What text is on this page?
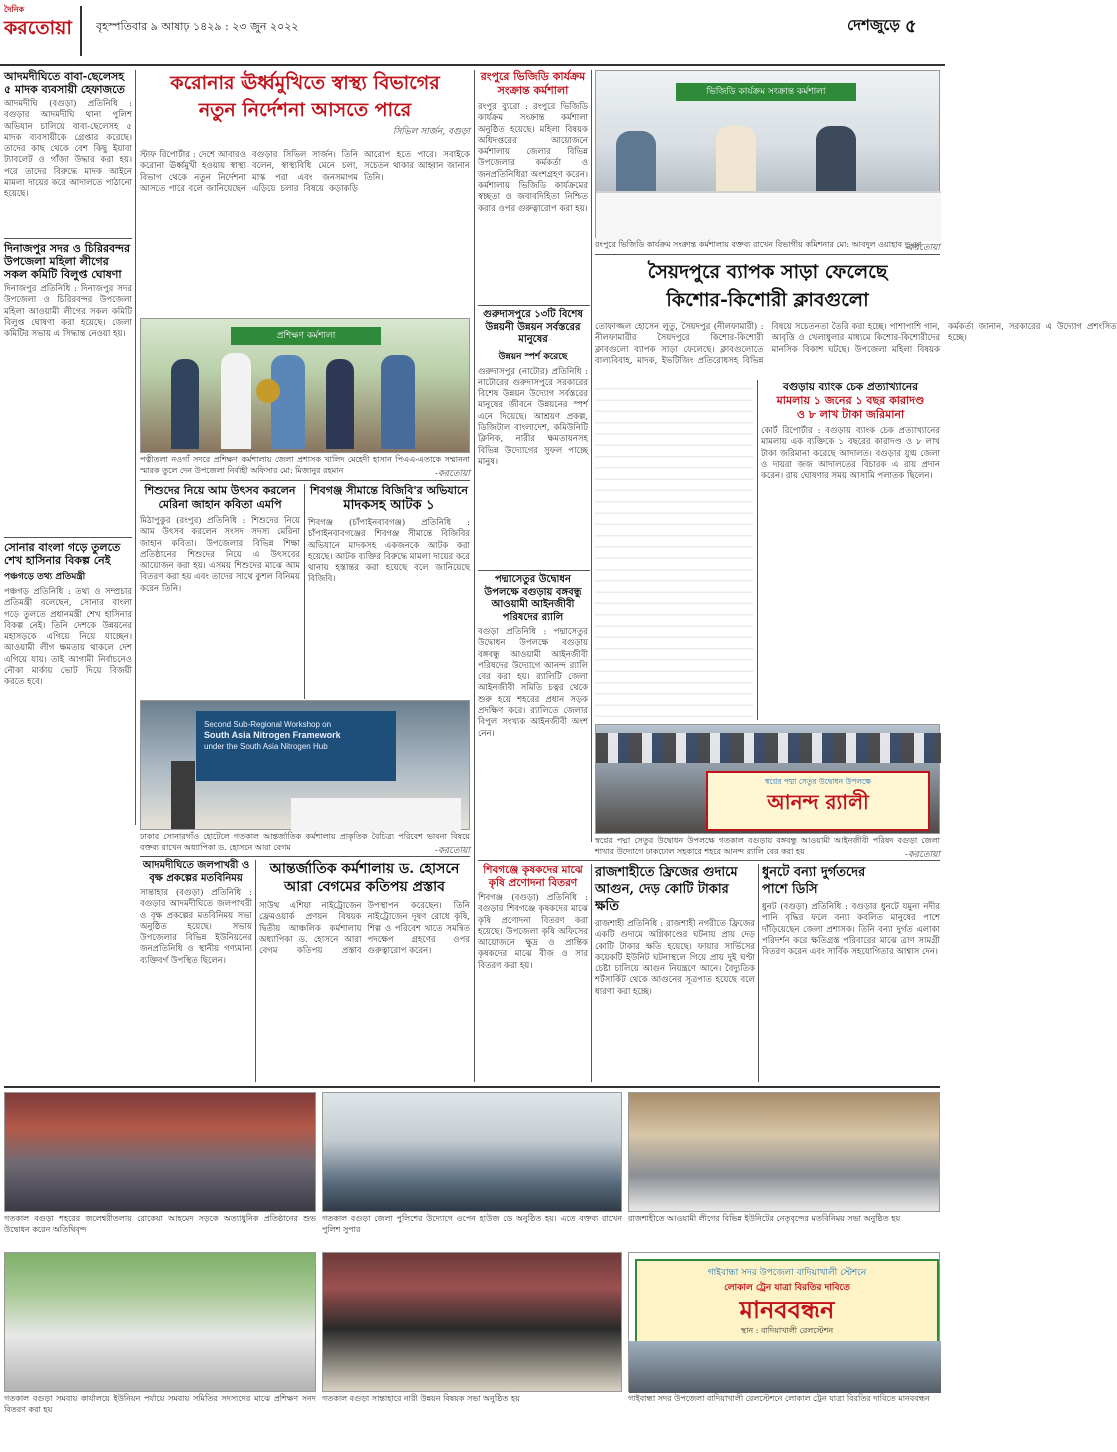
দৈনিক
করতোয়া	বৃহস্পতিবার ৯ আষাঢ় ১৪২৯ : ২৩ জুন ২০২২	দেশজুড়ে ৫
আদমদীঘিতে বাবা-ছেলেসহ ৫ মাদক ব্যবসায়ী হেফাজতে
আদমদীঘি (বগুড়া) প্রতিনিধি : বগুড়ার আদমদীঘি থানা পুলিশ অভিযান চালিয়ে বাবা-ছেলেসহ ৫ মাদক ব্যবসায়ীকে গ্রেপ্তার করেছে। তাদের কাছ থেকে বেশ কিছু ইয়াবা ট্যাবলেট ও গাঁজা উদ্ধার করা হয়। পরে তাদের বিরুদ্ধে মাদক আইনে মামলা দায়ের করে আদালতে পাঠানো হয়েছে।
দিনাজপুর সদর ও চিরিরবন্দর উপজেলা মহিলা লীগের সকল কমিটি বিলুপ্ত ঘোষণা
দিনাজপুর প্রতিনিধি : দিনাজপুর সদর উপজেলা ও চিরিরবন্দর উপজেলা মহিলা আওয়ামী লীগের সকল কমিটি বিলুপ্ত ঘোষণা করা হয়েছে। জেলা কমিটির সভায় এ সিদ্ধান্ত নেওয়া হয়।
সোনার বাংলা গড়ে তুলতে শেখ হাসিনার বিকল্প নেই
পঞ্চগড়ে তথ্য প্রতিমন্ত্রী
পঞ্চগড় প্রতিনিধি : তথ্য ও সম্প্রচার প্রতিমন্ত্রী বলেছেন, সোনার বাংলা গড়ে তুলতে প্রধানমন্ত্রী শেখ হাসিনার বিকল্প নেই। তিনি দেশকে উন্নয়নের মহাসড়কে এগিয়ে নিয়ে যাচ্ছেন। আওয়ামী লীগ ক্ষমতায় থাকলে দেশ এগিয়ে যায়। তাই আগামী নির্বাচনেও নৌকা মার্কায় ভোট দিয়ে বিজয়ী করতে হবে।
করোনার ঊর্ধ্বমুখিতে স্বাস্থ্য বিভাগের
নতুন নির্দেশনা আসতে পারে
সিভিল সার্জন, বগুড়া
স্টাফ রিপোর্টার : দেশে আবারও করোনা ঊর্ধ্বমুখী হওয়ায় স্বাস্থ্য বিভাগ থেকে নতুন নির্দেশনা আসতে পারে বলে জানিয়েছেন বগুড়ার সিভিল সার্জন। তিনি বলেন, স্বাস্থ্যবিধি মেনে চলা, মাস্ক পরা এবং জনসমাগম এড়িয়ে চলার বিষয়ে কড়াকড়ি আরোপ হতে পারে। সবাইকে সচেতন থাকার আহ্বান জানান তিনি।
প্রশিক্ষণ কর্মশালা
পত্নীতলা নওগাঁ সদরে প্রশিক্ষণ কর্মশালায় জেলা প্রশাসক খালিদ মেহেদী হাসান পিএএ-এতাকে সম্মাননা স্মারক তুলে দেন উপজেলা নির্বাহী অফিসার মো: মিজানুর রহমান	-করতোয়া
শিশুদের নিয়ে আম উৎসব করলেন মেরিনা জাহান কবিতা এমপি
মিঠাপুকুর (রংপুর) প্রতিনিধি : শিশুদের নিয়ে আম উৎসব করলেন সংসদ সদস্য মেরিনা জাহান কবিতা। উপজেলার বিভিন্ন শিক্ষা প্রতিষ্ঠানের শিশুদের নিয়ে এ উৎসবের আয়োজন করা হয়। এসময় শিশুদের মাঝে আম বিতরণ করা হয় এবং তাদের সাথে কুশল বিনিময় করেন তিনি।
শিবগঞ্জ সীমান্তে বিজিবি'র অভিযানে
মাদকসহ আটক ১
শিবগঞ্জ (চাঁপাইনবাবগঞ্জ) প্রতিনিধি : চাঁপাইনবাবগঞ্জের শিবগঞ্জ সীমান্তে বিজিবির অভিযানে মাদকসহ একজনকে আটক করা হয়েছে। আটক ব্যক্তির বিরুদ্ধে মামলা দায়ের করে থানায় হস্তান্তর করা হয়েছে বলে জানিয়েছে বিজিবি।
Second Sub-Regional Workshop on
South Asia Nitrogen Framework
under the South Asia Nitrogen Hub
ঢাকার সোনারগাঁও হোটেলে গতকাল আন্তর্জাতিক কর্মশালায় প্রাকৃতিক বৈচিত্র্য পরিবেশ ভাবনা বিষয়ে বক্তব্য রাখেন অধ্যাপিকা ড. হোসনে আরা বেগম	-করতোয়া
আদমদীঘিতে জলপাখরী ও বৃক্ষ প্রকল্পের মতবিনিময়
সান্তাহার (বগুড়া) প্রতিনিধি : বগুড়ার আদমদীঘিতে জলপাখরী ও বৃক্ষ প্রকল্পের মতবিনিময় সভা অনুষ্ঠিত হয়েছে। সভায় উপজেলার বিভিন্ন ইউনিয়নের জনপ্রতিনিধি ও স্থানীয় গণ্যমান্য ব্যক্তিবর্গ উপস্থিত ছিলেন।
আন্তর্জাতিক কর্মশালায় ড. হোসনে
আরা বেগমের কতিপয় প্রস্তাব
সাউথ এশিয়া নাইট্রোজেন ফ্রেমওয়ার্ক প্রণয়ন বিষয়ক দ্বিতীয় আঞ্চলিক কর্মশালায় অধ্যাপিকা ড. হোসনে আরা বেগম কতিপয় প্রস্তাব উপস্থাপন করেছেন। তিনি নাইট্রোজেন দূষণ রোধে কৃষি, শিল্প ও পরিবেশ খাতে সমন্বিত পদক্ষেপ গ্রহণের ওপর গুরুত্বারোপ করেন।
রংপুরে ভিজিডি কার্যক্রম সংক্রান্ত কর্মশালা
রংপুর ব্যুরো : রংপুরে ভিজিডি কার্যক্রম সংক্রান্ত কর্মশালা অনুষ্ঠিত হয়েছে। মহিলা বিষয়ক অধিদপ্তরের আয়োজনে কর্মশালায় জেলার বিভিন্ন উপজেলার কর্মকর্তা ও জনপ্রতিনিধিরা অংশগ্রহণ করেন। কর্মশালায় ভিজিডি কার্যক্রমের স্বচ্ছতা ও জবাবদিহিতা নিশ্চিত করার ওপর গুরুত্বারোপ করা হয়।
গুরুদাসপুরে ১৩টি বিশেষ উন্নয়নী উন্নয়ন সর্বস্তরের মানুষের
উন্নয়ন স্পর্শ করেছে
গুরুদাসপুর (নাটোর) প্রতিনিধি : নাটোরের গুরুদাসপুরে সরকারের বিশেষ উন্নয়ন উদ্যোগ সর্বস্তরের মানুষের জীবনে উন্নয়নের স্পর্শ এনে দিয়েছে। আশ্রয়ণ প্রকল্প, ডিজিটাল বাংলাদেশ, কমিউনিটি ক্লিনিক, নারীর ক্ষমতায়নসহ বিভিন্ন উদ্যোগের সুফল পাচ্ছে মানুষ।
পদ্মাসেতুর উদ্বোধন উপলক্ষে বগুড়ায় বঙ্গবন্ধু আওয়ামী আইনজীবী পরিষদের র‍্যালি
বগুড়া প্রতিনিধি : পদ্মাসেতুর উদ্বোধন উপলক্ষে বগুড়ায় বঙ্গবন্ধু আওয়ামী আইনজীবী পরিষদের উদ্যোগে আনন্দ র‍্যালি বের করা হয়। র‍্যালিটি জেলা আইনজীবী সমিতি চত্বর থেকে শুরু হয়ে শহরের প্রধান সড়ক প্রদক্ষিণ করে। র‍্যালিতে জেলার বিপুল সংখ্যক আইনজীবী অংশ নেন।
ভিজিডি কার্যক্রম সংক্রান্ত কর্মশালা
রংপুরে ভিজিডি কার্যক্রম সংক্রান্ত কর্মশালায় বক্তব্য রাখেন বিভাগীয় কমিশনার মো: আবদুল ওয়াহাব ভূঞা
-করতোয়া
সৈয়দপুরে ব্যাপক সাড়া ফেলেছে
কিশোর-কিশোরী ক্লাবগুলো
তোফাজ্জল হোসেন লুতু, সৈয়দপুর (নীলফামারী) : নীলফামারীর সৈয়দপুরে কিশোর-কিশোরী ক্লাবগুলো ব্যাপক সাড়া ফেলেছে। ক্লাবগুলোতে বাল্যবিবাহ, মাদক, ইভটিজিং প্রতিরোধসহ বিভিন্ন বিষয়ে সচেতনতা তৈরি করা হচ্ছে। পাশাপাশি গান, আবৃত্তি ও খেলাধুলার মাধ্যমে কিশোর-কিশোরীদের মানসিক বিকাশ ঘটছে। উপজেলা মহিলা বিষয়ক কর্মকর্তা জানান, সরকারের এ উদ্যোগ প্রশংসিত হচ্ছে।
বগুড়ায় ব্যাংক চেক প্রত্যাখ্যানের
মামলায় ১ জনের ১ বছর কারাদণ্ড
ও ৮ লাখ টাকা জরিমানা
কোর্ট রিপোর্টার : বগুড়ায় ব্যাংক চেক প্রত্যাখ্যানের মামলায় এক ব্যক্তিকে ১ বছরের কারাদণ্ড ও ৮ লাখ টাকা জরিমানা করেছে আদালত। বগুড়ার যুগ্ম জেলা ও দায়রা জজ আদালতের বিচারক এ রায় প্রদান করেন। রায় ঘোষণার সময় আসামি পলাতক ছিলেন।
স্বপ্নের পদ্মা সেতুর উদ্বোধন উপলক্ষে
আনন্দ র‍্যালী
স্বপ্নের পদ্মা সেতুর উদ্বোধন উপলক্ষে গতকাল বগুড়ায় বঙ্গবন্ধু আওয়ামী আইনজীবী পরিষদ বগুড়া জেলা শাখার উদ্যোগে ঢাকঢোল সহকারে শহরে আনন্দ র‍্যালি বের করা হয়	-করতোয়া
শিবগঞ্জে কৃষকদের মাঝে কৃষি প্রণোদনা বিতরণ
শিবগঞ্জ (বগুড়া) প্রতিনিধি : বগুড়ার শিবগঞ্জে কৃষকদের মাঝে কৃষি প্রণোদনা বিতরণ করা হয়েছে। উপজেলা কৃষি অফিসের আয়োজনে ক্ষুদ্র ও প্রান্তিক কৃষকদের মাঝে বীজ ও সার বিতরণ করা হয়।
রাজশাহীতে ফ্রিজের গুদামে
আগুন, দেড় কোটি টাকার ক্ষতি
রাজশাহী প্রতিনিধি : রাজশাহী নগরীতে ফ্রিজের একটি গুদামে অগ্নিকাণ্ডের ঘটনায় প্রায় দেড় কোটি টাকার ক্ষতি হয়েছে। ফায়ার সার্ভিসের কয়েকটি ইউনিট ঘটনাস্থলে গিয়ে প্রায় দুই ঘণ্টা চেষ্টা চালিয়ে আগুন নিয়ন্ত্রণে আনে। বৈদ্যুতিক শর্টসার্কিট থেকে আগুনের সূত্রপাত হয়েছে বলে ধারণা করা হচ্ছে।
ধুনটে বন্যা দুর্গতদের
পাশে ডিসি
ধুনট (বগুড়া) প্রতিনিধি : বগুড়ার ধুনটে যমুনা নদীর পানি বৃদ্ধির ফলে বন্যা কবলিত মানুষের পাশে দাঁড়িয়েছেন জেলা প্রশাসক। তিনি বন্যা দুর্গত এলাকা পরিদর্শন করে ক্ষতিগ্রস্ত পরিবারের মাঝে ত্রাণ সামগ্রী বিতরণ করেন এবং সার্বিক সহযোগিতার আশ্বাস দেন।
গতকাল বগুড়া শহরের জলেশ্বরীতলায় রোকেয়া আহমেদ সড়কে অত্যাধুনিক প্রতিষ্ঠানের শুভ উদ্বোধন করেন অতিথিবৃন্দ
গতকাল বগুড়া জেলা পুলিশের উদ্যোগে ওপেন হাউজ ডে অনুষ্ঠিত হয়। এতে বক্তব্য রাখেন পুলিশ সুপার
রাজশাহীতে আওয়ামী লীগের বিভিন্ন ইউনিটের নেতৃবৃন্দের মতবিনিময় সভা অনুষ্ঠিত হয়
গতকাল বগুড়া সমবায় কার্যালয়ে ইউনিয়ন পর্যায়ে সমবায় সমিতির সদস্যদের মাঝে প্রশিক্ষণ সনদ বিতরণ করা হয়
গতকাল বগুড়া সান্তাহারে নারী উন্নয়ন বিষয়ক সভা অনুষ্ঠিত হয়
গাইবান্ধা সদর উপজেলা বাদিয়াখালী স্টেশনে
লোকাল ট্রেন যাত্রা বিরতির দাবিতে
মানববন্ধন
স্থান : বাদিয়াখালী রেলস্টেশন
গাইবান্ধা সদর উপজেলা বাদিয়াখালী রেলস্টেশনে লোকাল ট্রেন যাত্রা বিরতির দাবিতে মানববন্ধন
